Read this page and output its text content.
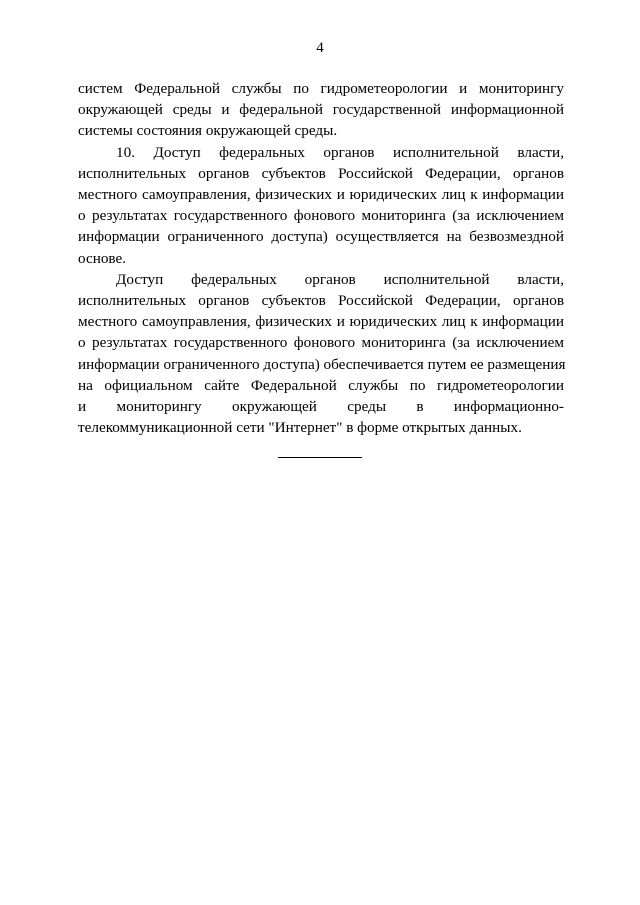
4

систем Федеральной службы по гидрометеорологии и мониторингу
окружающей среды и федеральной государственной информационной
системы состояния окружающей среды.

10. Доступ федеральных органов исполнительной власти,
исполнительных органов субъектов Российской Федерации, органов
местного самоуправления, физических и юридических лиц к информации
о результатах государственного фонового мониторинга (за исключением
информации ограниченного доступа) осуществляется на безвозмездной
основе.

Доступ федеральных органов исполнительной власти,
исполнительных органов субъектов Российской Федерации, органов
местного самоуправления, физических и юридических лиц к информации
о результатах государственного фонового мониторинга (за исключением
информации ограниченного доступа) обеспечивается путем ее размещения
на официальном сайте Федеральной службы по гидрометеорологии
и мониторингу окружающей среды в информационно-
телекоммуникационной сети "Интернет" в форме открытых данных.
